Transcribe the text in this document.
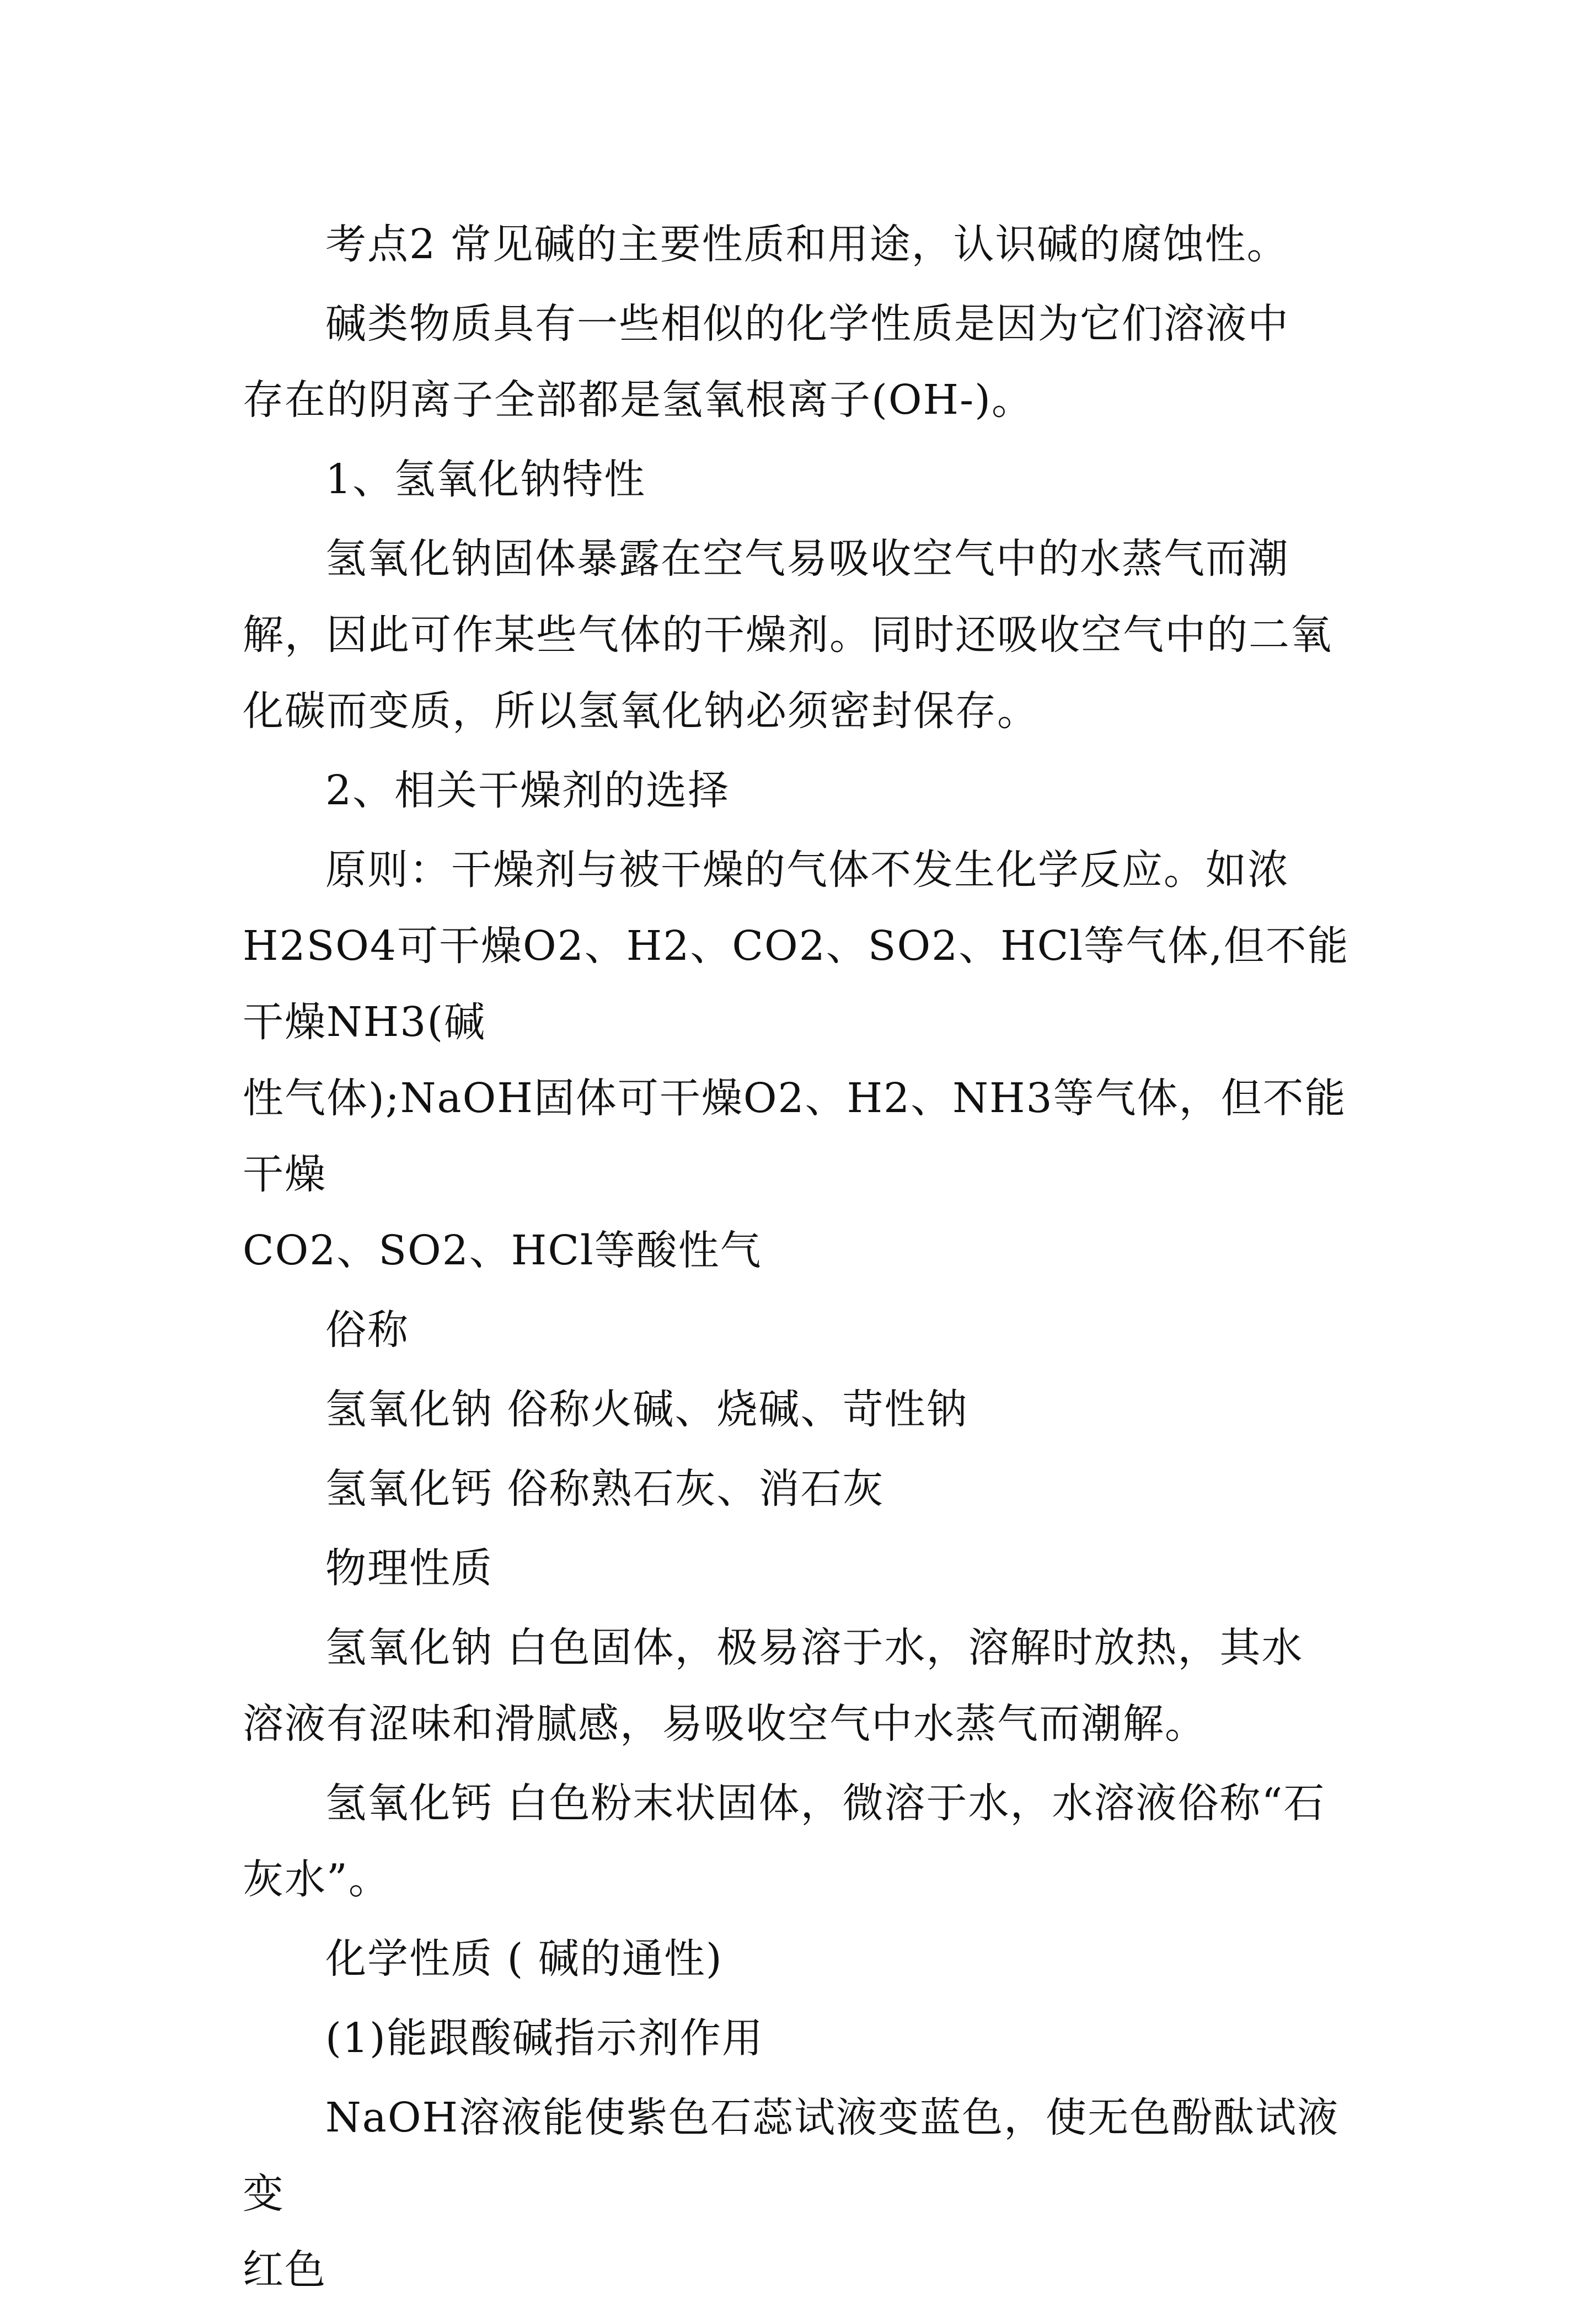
考点2 常见碱的主要性质和用途，认识碱的腐蚀性。

碱类物质具有一些相似的化学性质是因为它们溶液中
存在的阴离子全部都是氢氧根离子(OH-)。

1、氢氧化钠特性

氢氧化钠固体暴露在空气易吸收空气中的水蒸气而潮
解，因此可作某些气体的干燥剂。同时还吸收空气中的二氧
化碳而变质，所以氢氧化钠必须密封保存。

2、相关干燥剂的选择

原则：干燥剂与被干燥的气体不发生化学反应。如浓
H2SO4可干燥O2、H2、CO2、SO2、HCl等气体,但不能干燥NH3(碱
性气体);NaOH固体可干燥O2、H2、NH3等气体，但不能干燥
CO2、SO2、HCl等酸性气

俗称

氢氧化钠 俗称火碱、烧碱、苛性钠

氢氧化钙 俗称熟石灰、消石灰

物理性质

氢氧化钠 白色固体，极易溶于水，溶解时放热，其水
溶液有涩味和滑腻感，易吸收空气中水蒸气而潮解。

氢氧化钙 白色粉末状固体，微溶于水，水溶液俗称“石
灰水”。

化学性质 ( 碱的通性)

(1)能跟酸碱指示剂作用

NaOH溶液能使紫色石蕊试液变蓝色，使无色酚酞试液变
红色
